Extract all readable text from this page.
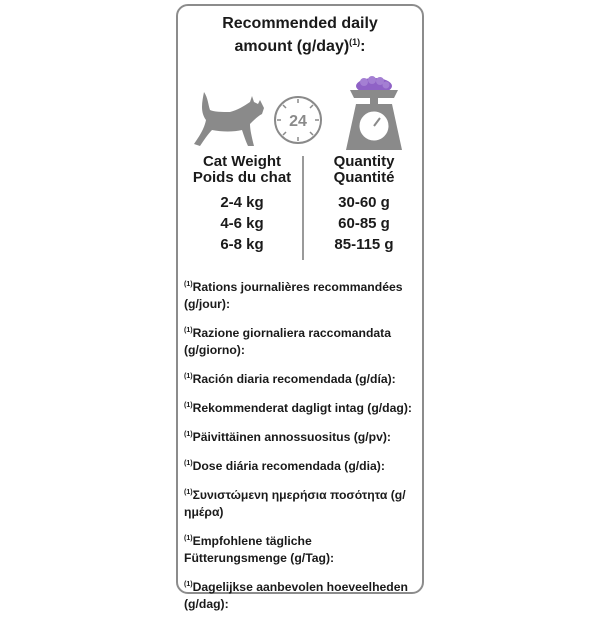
Recommended daily
amount $(g/day)^{(1)}$:
24
Cat Weight
Poids du chat
2-4 kg
4-6 kg
6-8 kg
Quantity
Quantité
30-60 g
60-85 g
85-115 g
$^{(1)}$Rations journalières recommandées (g/jour):
$^{(1)}$Razione giornaliera raccomandata (g/giorno):
$^{(1)}$Ración diaria recomendada (g/día):
$^{(1)}$Rekommenderat dagligt intag (g/dag):
$^{(1)}$Päivittäinen annossuositus (g/pv):
$^{(1)}$Dose diária recomendada (g/dia):
$^{(1)}$Συνιστώμενη ημερήσια ποσότητα (g/ ημέρα)
$^{(1)}$Empfohlene tägliche Fütterungsmenge (g/Tag):
$^{(1)}$Dagelijkse aanbevolen hoeveelheden (g/dag):
